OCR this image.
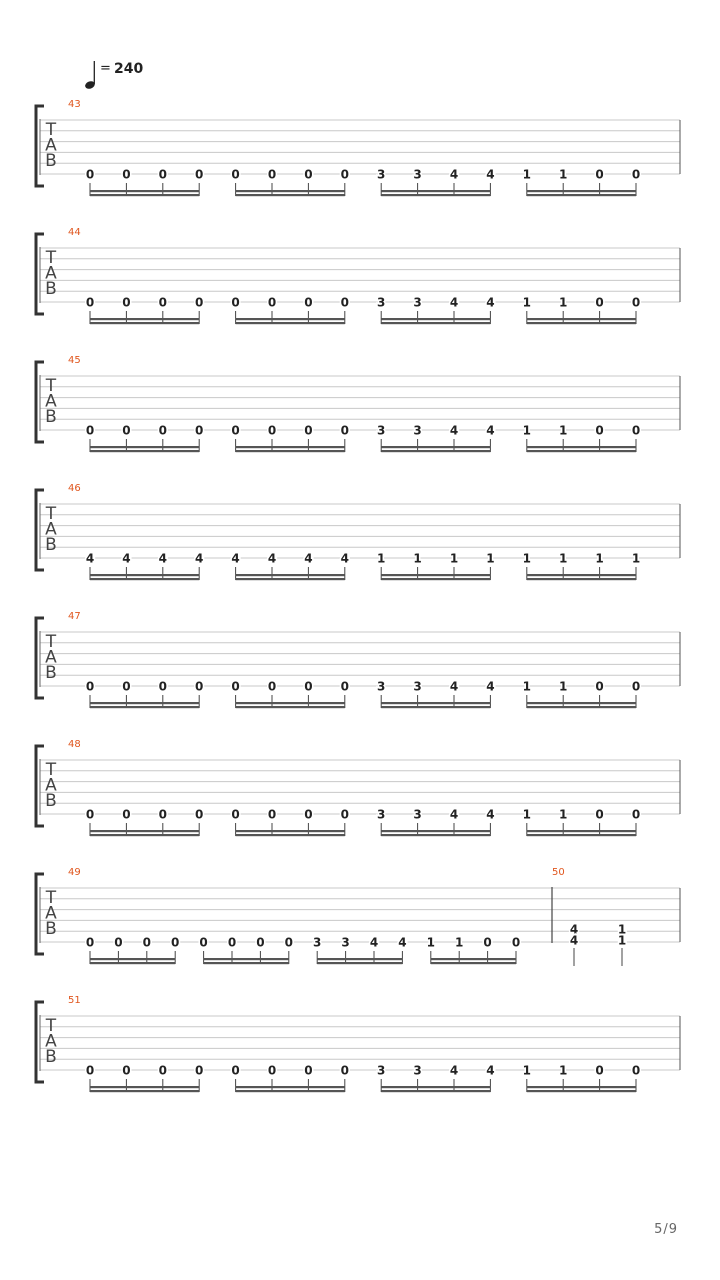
= 240
T
A
B
43
0 0 0 0 0 0 0 0 3 3 4 4 1 1 0 0
T
A
B
44
0 0 0 0 0 0 0 0 3 3 4 4 1 1 0 0
T
A
B
45
0 0 0 0 0 0 0 0 3 3 4 4 1 1 0 0
T
A
B
46
4 4 4 4 4 4 4 4 1 1 1 1 1 1 1 1
T
A
B
47
0 0 0 0 0 0 0 0 3 3 4 4 1 1 0 0
T
A
B
48
0 0 0 0 0 0 0 0 3 3 4 4 1 1 0 0
T
A
B
49
0 0 0 0 0 0 0 0 3 3 4 4 1 1 0 0
50
4
4
1
1
T
A
B
51
0 0 0 0 0 0 0 0 3 3 4 4 1 1 0 0
5/9
